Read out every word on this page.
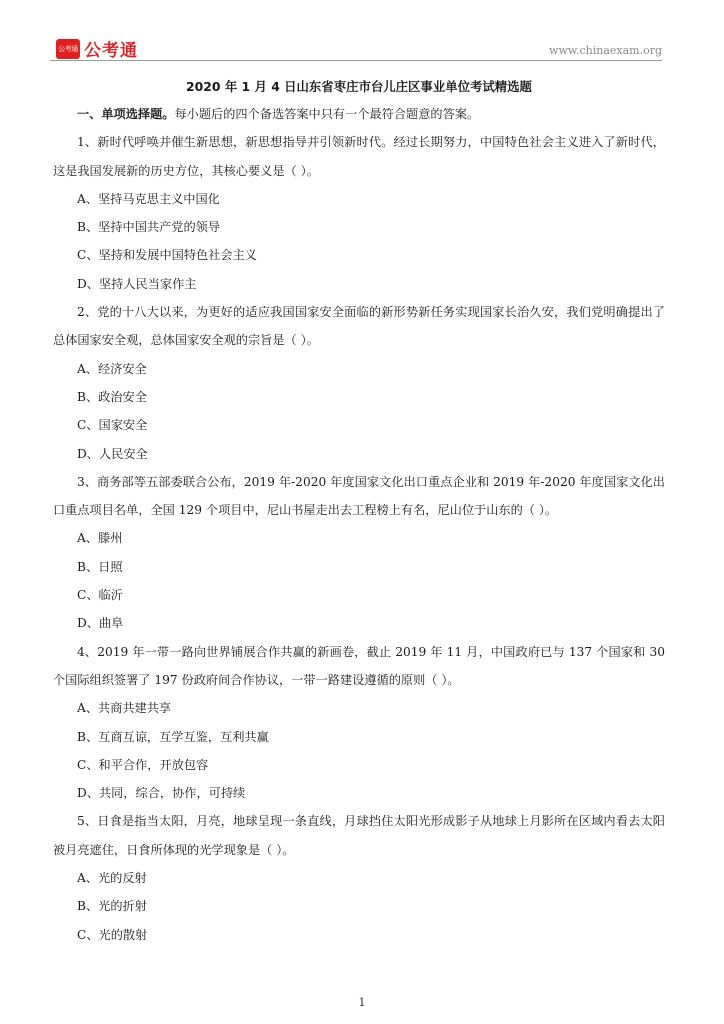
公考通 公考通	www.chinaexam.org

2020 年 1 月 4 日山东省枣庄市台儿庄区事业单位考试精选题

一、单项选择题。每小题后的四个备选答案中只有一个最符合题意的答案。

1、新时代呼唤并催生新思想，新思想指导并引领新时代。经过长期努力，中国特色社会主义进入了新时代，这是我国发展新的历史方位，其核心要义是（ ）。

A、坚持马克思主义中国化

B、坚持中国共产党的领导

C、坚持和发展中国特色社会主义

D、坚持人民当家作主

2、党的十八大以来，为更好的适应我国国家安全面临的新形势新任务实现国家长治久安，我们党明确提出了总体国家安全观，总体国家安全观的宗旨是（ ）。

A、经济安全

B、政治安全

C、国家安全

D、人民安全

3、商务部等五部委联合公布，2019 年-2020 年度国家文化出口重点企业和 2019 年-2020 年度国家文化出口重点项目名单，全国 129 个项目中，尼山书屋走出去工程榜上有名，尼山位于山东的（ ）。

A、滕州

B、日照

C、临沂

D、曲阜

4、2019 年一带一路向世界铺展合作共赢的新画卷，截止 2019 年 11 月，中国政府已与 137 个国家和 30 个国际组织签署了 197 份政府间合作协议，一带一路建设遵循的原则（ ）。

A、共商共建共享

B、互商互谅，互学互鉴，互利共赢

C、和平合作，开放包容

D、共同，综合，协作，可持续

5、日食是指当太阳，月亮，地球呈现一条直线，月球挡住太阳光形成影子从地球上月影所在区域内看去太阳被月亮遮住，日食所体现的光学现象是（ ）。

A、光的反射

B、光的折射

C、光的散射

1
